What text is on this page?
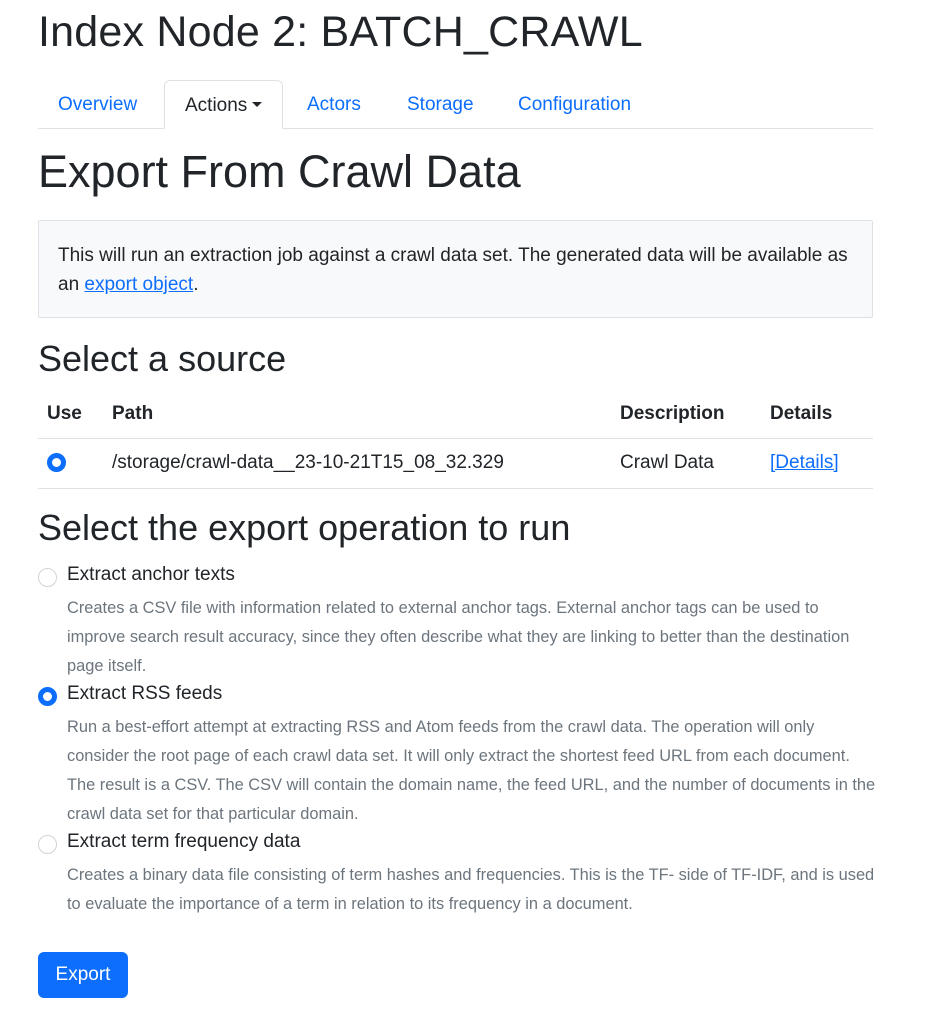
Index Node 2: BATCH_CRAWL
Overview	Actions	Actors	Storage	Configuration
Export From Crawl Data
This will run an extraction job against a crawl data set. The generated data will be available as an export object.
Select a source
Use	Path	Description	Details
	/storage/crawl-data__23-10-21T15_08_32.329	Crawl Data	[Details]
Select the export operation to run
Extract anchor texts
Creates a CSV file with information related to external anchor tags. External anchor tags can be used to improve search result accuracy, since they often describe what they are linking to better than the destination page itself.
Extract RSS feeds
Run a best-effort attempt at extracting RSS and Atom feeds from the crawl data. The operation will only consider the root page of each crawl data set. It will only extract the shortest feed URL from each document. The result is a CSV. The CSV will contain the domain name, the feed URL, and the number of documents in the crawl data set for that particular domain.
Extract term frequency data
Creates a binary data file consisting of term hashes and frequencies. This is the TF- side of TF-IDF, and is used to evaluate the importance of a term in relation to its frequency in a document.
Export
